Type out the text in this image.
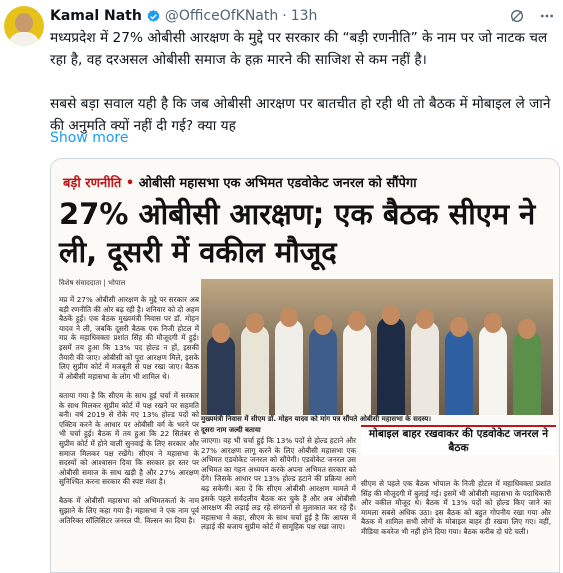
Kamal Nath @OfficeOfKNath · 13h
मध्यप्रदेश में 27% ओबीसी आरक्षण के मुद्दे पर सरकार की “बड़ी रणनीति” के नाम पर जो नाटक चल रहा है, वह दरअसल ओबीसी समाज के हक़ मारने की साजिश से कम नहीं है।

सबसे बड़ा सवाल यही है कि जब ओबीसी आरक्षण पर बातचीत हो रही थी तो बैठक में मोबाइल ले जाने की अनुमति क्यों नहीं दी गई? क्या यह
Show more
बड़ी रणनीति • ओबीसी महासभा एक अभिमत एडवोकेट जनरल को सौंपेगा
27% ओबीसी आरक्षण; एक बैठक सीएम ने ली, दूसरी में वकील मौजूद
विशेष संवाददाता | भोपाल
मप्र में 27% ओबीसी आरक्षण के मुद्दे पर सरकार अब बड़ी रणनीति की ओर बढ़ रही है। शनिवार को दो अहम बैठकें हुईं। एक बैठक मुख्यमंत्री निवास पर डॉ. मोहन यादव ने ली, जबकि दूसरी बैठक एक निजी होटल में मप्र के महाधिवक्ता प्रशांत सिंह की मौजूदगी में हुई। इसमें तय हुआ कि 13% पद होल्ड न हों, इसकी तैयारी की जाए। ओबीसी को पूरा आरक्षण मिले, इसके लिए सुप्रीम कोर्ट में मजबूती से पक्ष रखा जाए। बैठक में ओबीसी महासभा के लोग भी शामिल थे।

बताया गया है कि सीएम के साथ हुई चर्चा में सरकार के साथ मिलकर सुप्रीम कोर्ट में पक्ष रखने पर सहमति बनी। वर्ष 2019 से रोके गए 13% होल्ड पदों को एक्टिव करने के आधार पर ओबीसी वर्ग के भरने पर भी चर्चा हुई। बैठक में तय हुआ कि 22 सितंबर से सुप्रीम कोर्ट में होने वाली सुनवाई के लिए सरकार और समाज मिलकर पक्ष रखेंगे। सीएम ने महासभा के सदस्यों को आश्वासन दिया कि सरकार हर स्तर पर ओबीसी समाज के साथ खड़ी है और 27% आरक्षण सुनिश्चित करना सरकार की स्पष्ट मंशा है।

बैठक में ओबीसी महासभा को अभिमतकर्ता के नाम सुझाने के लिए कहा गया है। महासभा ने एक नाम पूर्व अतिरिक्त सॉलिसिटर जनरल पी. विल्सन का दिया है।
मुख्यमंत्री निवास में सीएम डॉ. मोहन यादव को मांग पत्र सौंपते ओबीसी महासभा के सदस्य।
दूसरा नाम जल्दी बताया
जाएगा। वह भी चर्चा हुई कि 13% पदों से होल्ड हटाने और 27% आरक्षण लागू करने के लिए ओबीसी महासभा एक अभिमत एडवोकेट जनरल को सौंपेगी। एडवोकेट जनरल उस अभिमत का गहन अध्ययन करके अपना अभिमत सरकार को देंगे। जिसके आधार पर 13% होल्ड हटाने की प्रक्रिया आगे बढ़ सकेगी। बता दें कि सीएम ओबीसी आरक्षण मामले में इसके पहले सर्वदलीय बैठक कर चुके हैं और अब ओबीसी आरक्षण की लड़ाई लड़ रहे संगठनों से मुलाकात कर रहे हैं। महासभा ने कहा, सीएम के साथ चर्चा हुई है कि आपस में लड़ाई की बजाय सुप्रीम कोर्ट में सामूहिक पक्ष रखा जाए।
मोबाइल बाहर रखवाकर की एडवोकेट जनरल ने बैठक
सीएम से पहले एक बैठक भोपाल के निजी होटल में महाधिवक्ता प्रशांत सिंह की मौजूदगी में बुलाई गई। इसमें भी ओबीसी महासभा के पदाधिकारी और वकील मौजूद थे। बैठक में 13% पदों को होल्ड किए जाने का मामला सबसे अधिक उठा। इस बैठक को बहुत गोपनीय रखा गया और बैठक में शामिल सभी लोगों के मोबाइल बाहर ही रखवा लिए गए। वहीं, मीडिया कवरेज भी नहीं होने दिया गया। बैठक करीब दो घंटे चली।
